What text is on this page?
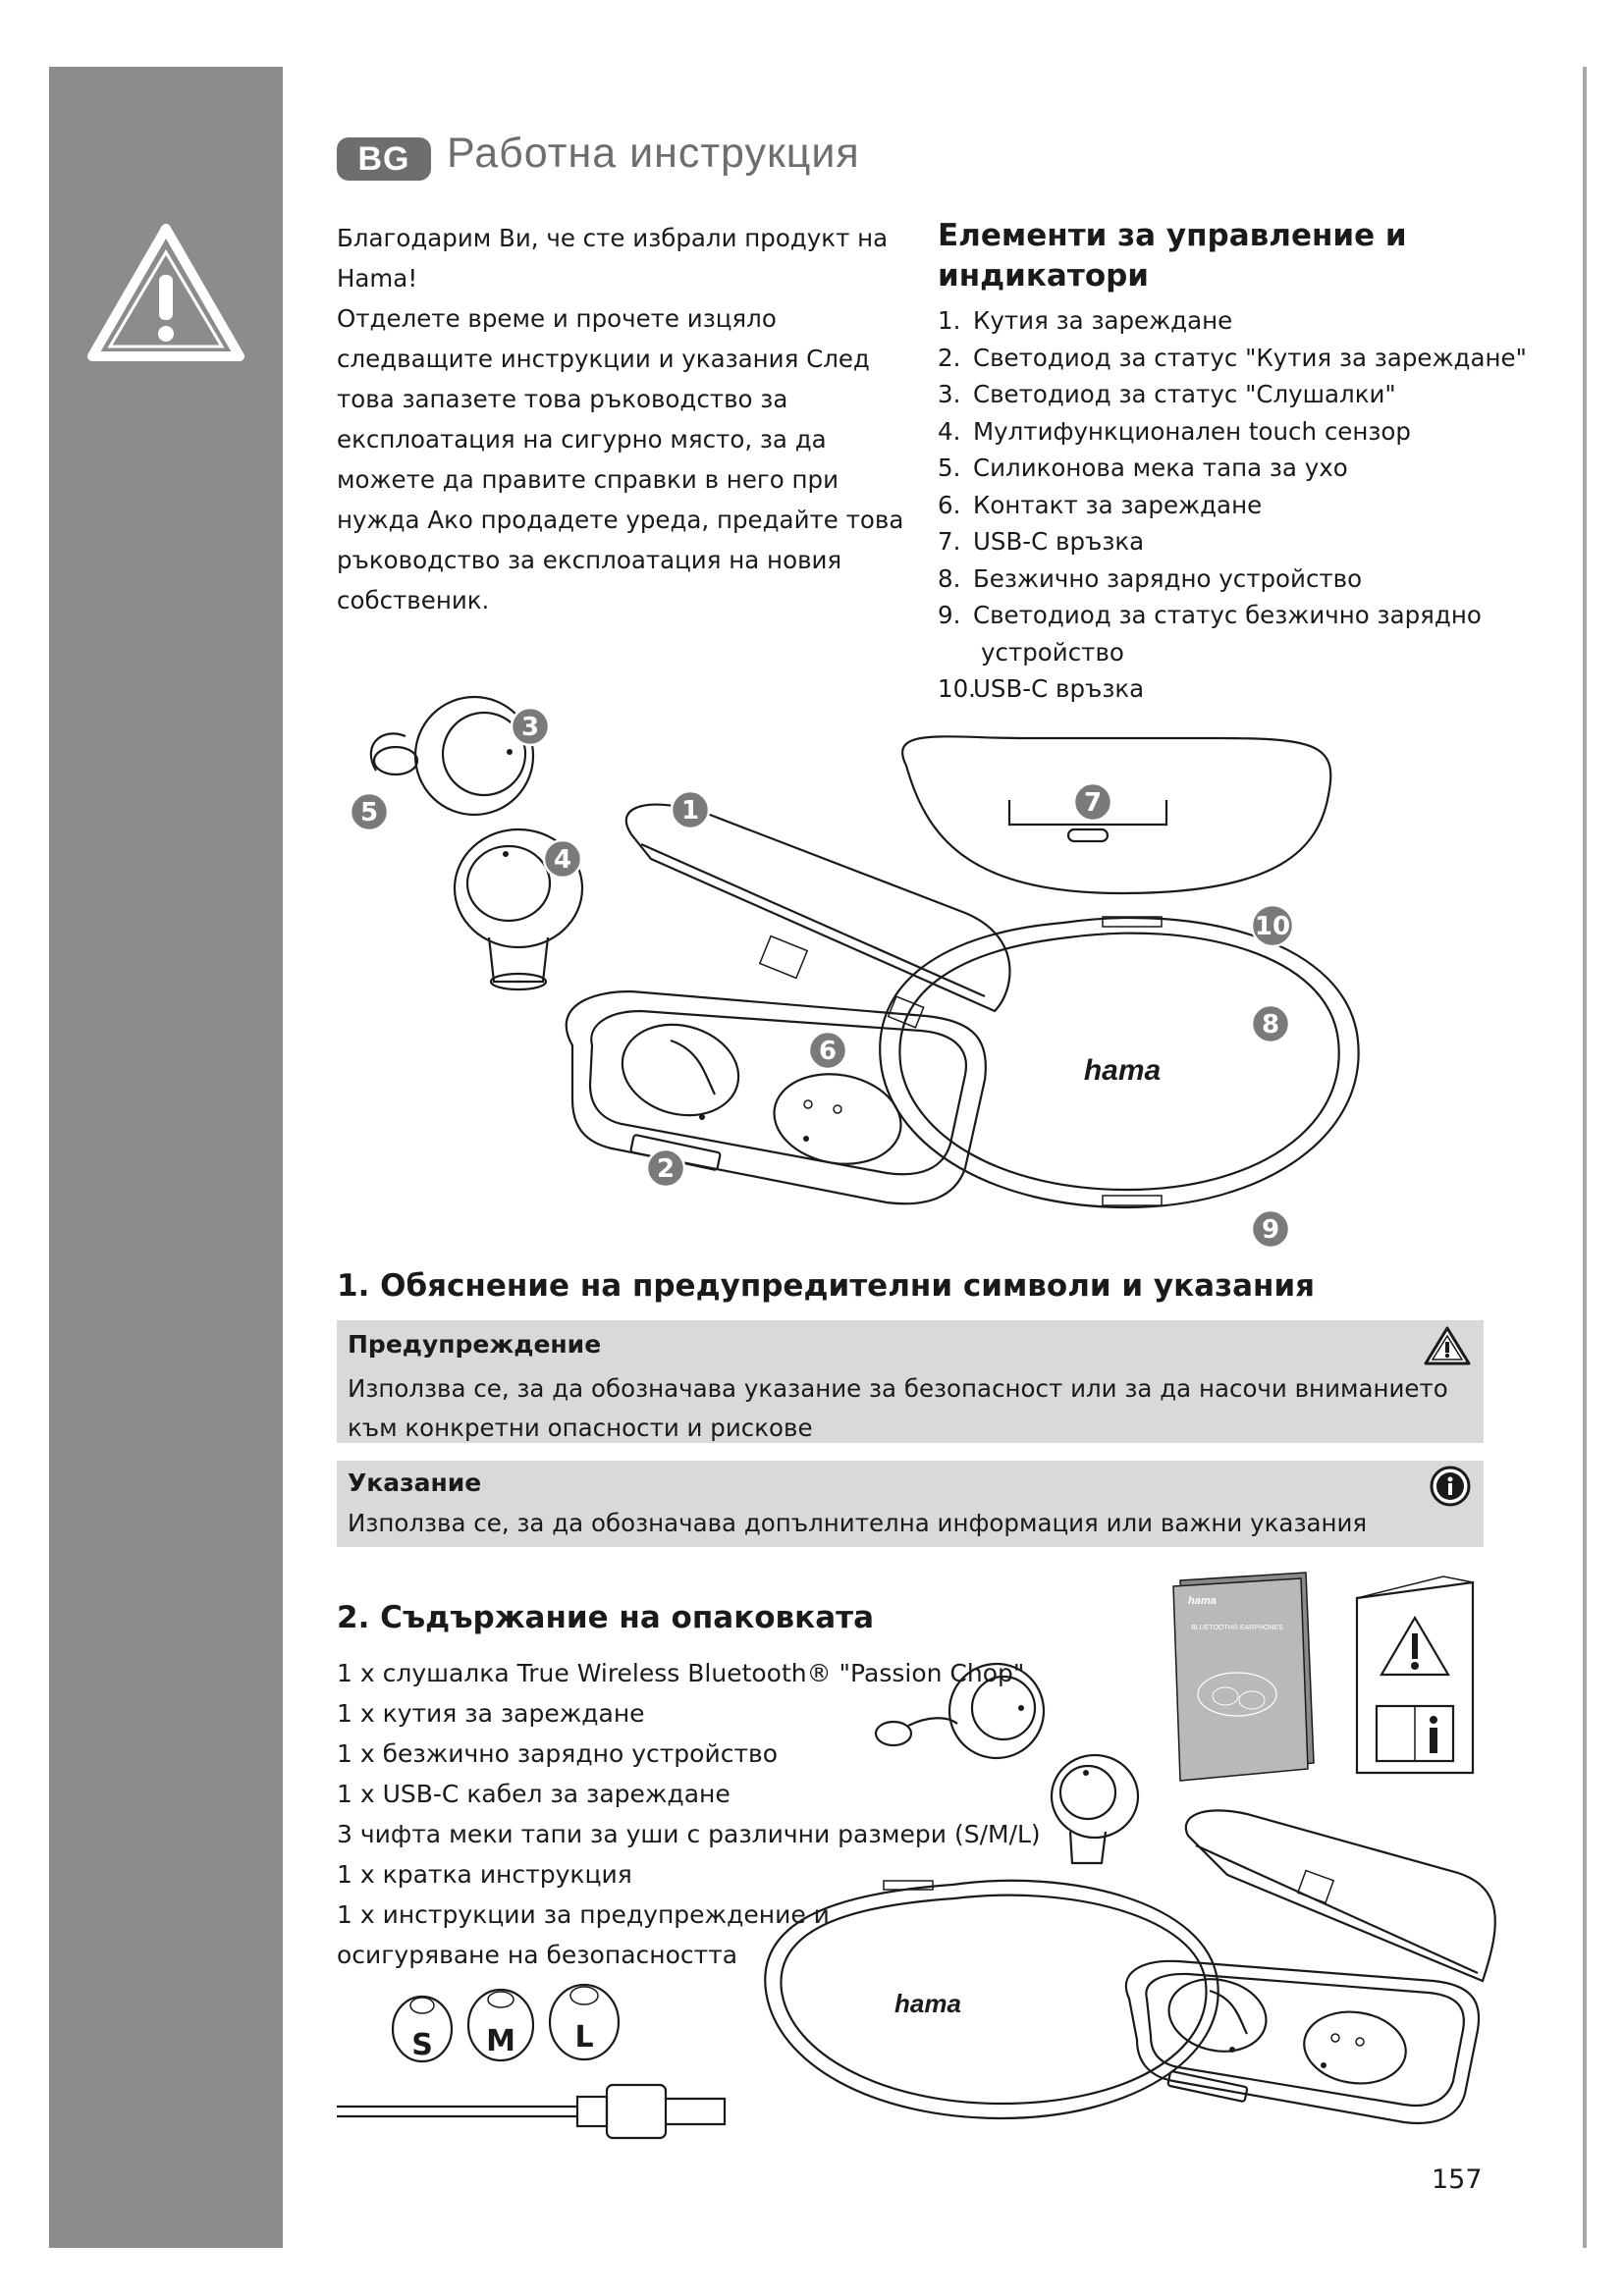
BG Работна инструкция

Благодарим Ви, че сте избрали продукт на Hama!

Отделете време и прочете изцяло следващите инструкции и указания След това запазете това ръководство за експлоатация на сигурно място, за да можете да правите справки в него при нужда Ако продадете уреда, предайте това ръководство за експлоатация на новия собственик.

Елементи за управление и индикатори
1. Кутия за зареждане
2. Светодиод за статус "Кутия за зареждане"
3. Светодиод за статус "Слушалки"
4. Мултифункционален touch сензор
5. Силиконова мека тапа за ухо
6. Контакт за зареждане
7. USB-C връзка
8. Безжично зарядно устройство
9. Светодиод за статус безжично зарядно
устройство
10.
USB-C връзка
hama
3
5
4
1
6
2
7
10
8
9
1. Обяснение на предупредителни символи и указания
Предупреждение
Използва се, за да обозначава указание за безопасност или за да насочи вниманието към конкретни опасности и рискове
Указание
Използва се, за да обозначава допълнителна информация или важни указания
2. Съдържание на опаковката
1 x слушалка True Wireless Bluetooth® "Passion Chop"
1 x кутия за зареждане
1 x безжично зарядно устройство
1 x USB-C кабел за зареждане
3 чифта меки тапи за уши с различни размери (S/M/L)
1 x кратка инструкция
1 x инструкции за предупреждение и
осигуряване на безопасността
S M L
hama
BLUETOOTH® EARPHONES
hama
157
